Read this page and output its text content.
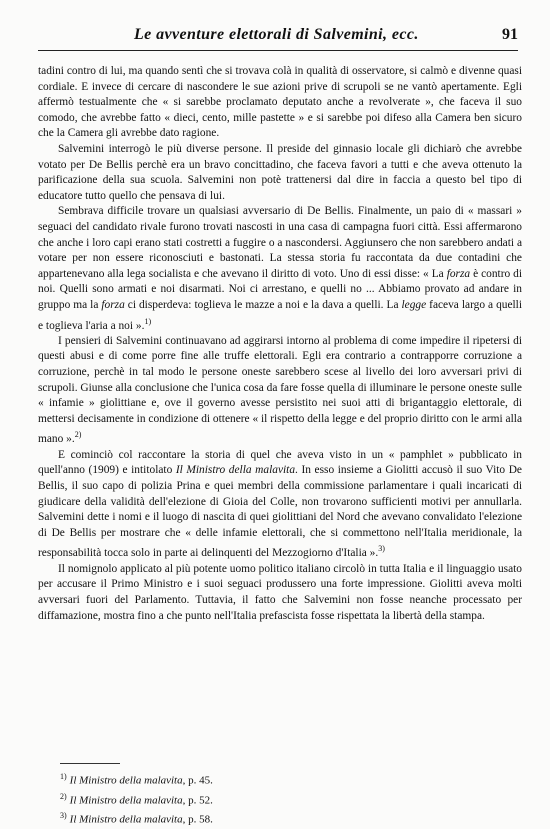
Le avventure elettorali di Salvemini, ecc.	91

tadini contro di lui, ma quando sentì che si trovava colà in qualità di osservatore, si calmò e divenne quasi cordiale. E invece di cercare di nascondere le sue azioni prive di scrupoli se ne vantò apertamente. Egli affermò testualmente che « si sarebbe proclamato deputato anche a revolverate », che faceva il suo comodo, che avrebbe fatto « dieci, cento, mille pastette » e si sarebbe poi difeso alla Camera ben sicuro che la Camera gli avrebbe dato ragione.

Salvemini interrogò le più diverse persone. Il preside del ginnasio locale gli dichiarò che avrebbe votato per De Bellis perchè era un bravo concittadino, che faceva favori a tutti e che aveva ottenuto la parificazione della sua scuola. Salvemini non potè trattenersi dal dire in faccia a questo bel tipo di educatore tutto quello che pensava di lui.

Sembrava difficile trovare un qualsiasi avversario di De Bellis. Finalmente, un paio di « massari » seguaci del candidato rivale furono trovati nascosti in una casa di campagna fuori città. Essi affermarono che anche i loro capi erano stati costretti a fuggire o a nascondersi. Aggiunsero che non sarebbero andati a votare per non essere riconosciuti e bastonati. La stessa storia fu raccontata da due contadini che appartenevano alla lega socialista e che avevano il diritto di voto. Uno di essi disse: « La forza è contro di noi. Quelli sono armati e noi disarmati. Noi ci arrestano, e quelli no ... Abbiamo provato ad andare in gruppo ma la forza ci disperdeva: toglieva le mazze a noi e la dava a quelli. La legge faceva largo a quelli e toglieva l'aria a noi ».$^{1)}$

I pensieri di Salvemini continuavano ad aggirarsi intorno al problema di come impedire il ripetersi di questi abusi e di come porre fine alle truffe elettorali. Egli era contrario a contrapporre corruzione a corruzione, perchè in tal modo le persone oneste sarebbero scese al livello dei loro avversari privi di scrupoli. Giunse alla conclusione che l'unica cosa da fare fosse quella di illuminare le persone oneste sulle « infamie » giolittiane e, ove il governo avesse persistito nei suoi atti di brigantaggio elettorale, di mettersi decisamente in condizione di ottenere « il rispetto della legge e del proprio diritto con le armi alla mano ».$^{2)}$

E cominciò col raccontare la storia di quel che aveva visto in un « pamphlet » pubblicato in quell'anno (1909) e intitolato Il Ministro della malavita. In esso insieme a Giolitti accusò il suo Vito De Bellis, il suo capo di polizia Prina e quei membri della commissione parlamentare i quali incaricati di giudicare della validità dell'elezione di Gioia del Colle, non trovarono sufficienti motivi per annullarla. Salvemini dette i nomi e il luogo di nascita di quei giolittiani del Nord che avevano convalidato l'elezione di De Bellis per mostrare che « delle infamie elettorali, che si commettono nell'Italia meridionale, la responsabilità tocca solo in parte ai delinquenti del Mezzogiorno d'Italia ».$^{3)}$

Il nomignolo applicato al più potente uomo politico italiano circolò in tutta Italia e il linguaggio usato per accusare il Primo Ministro e i suoi seguaci produssero una forte impressione. Giolitti aveva molti avversari fuori del Parlamento. Tuttavia, il fatto che Salvemini non fosse neanche processato per diffamazione, mostra fino a che punto nell'Italia prefascista fosse rispettata la libertà della stampa.

$^{1)}$ Il Ministro della malavita, p. 45.
$^{2)}$ Il Ministro della malavita, p. 52.
$^{3)}$ Il Ministro della malavita, p. 58.
